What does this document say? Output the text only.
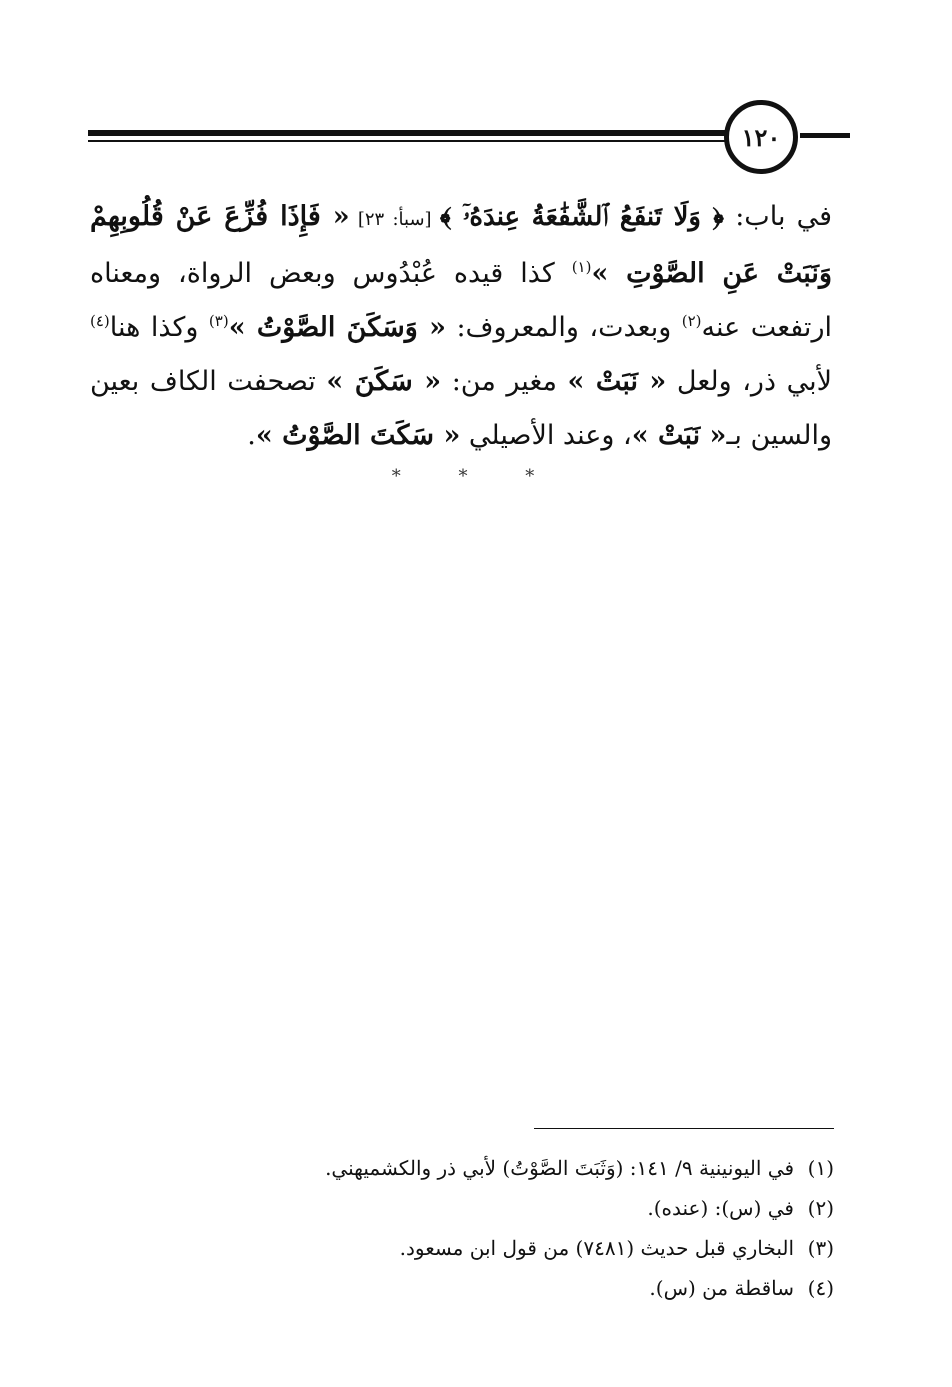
١٢٠

في باب: ﴿ وَلَا تَنفَعُ ٱلشَّفَٰعَةُ عِندَهُۥٓ ﴾ [سبأ: ٢٣] « فَإِذَا فُزِّعَ عَنْ قُلُوبِهِمْ وَنَبَتْ عَنِ الصَّوْتِ »$^{(١)}$ كذا قيده عُبْدُوس وبعض الرواة، ومعناه ارتفعت عنه$^{(٢)}$ وبعدت، والمعروف: « وَسَكَنَ الصَّوْتُ »$^{(٣)}$ وكذا هنا$^{(٤)}$ لأبي ذر، ولعل « نَبَتْ » مغير من: « سَكَنَ » تصحفت الكاف بعين والسين بـ« نَبَتْ »، وعند الأصيلي « سَكَتَ الصَّوْتُ ».

* * *
(١)في اليونينية ٩/ ١٤١: (وَثَبَتَ الصَّوْتُ) لأبي ذر والكشميهني.
(٢)في (س): (عنده).
(٣)البخاري قبل حديث (٧٤٨١) من قول ابن مسعود.
(٤)ساقطة من (س).
